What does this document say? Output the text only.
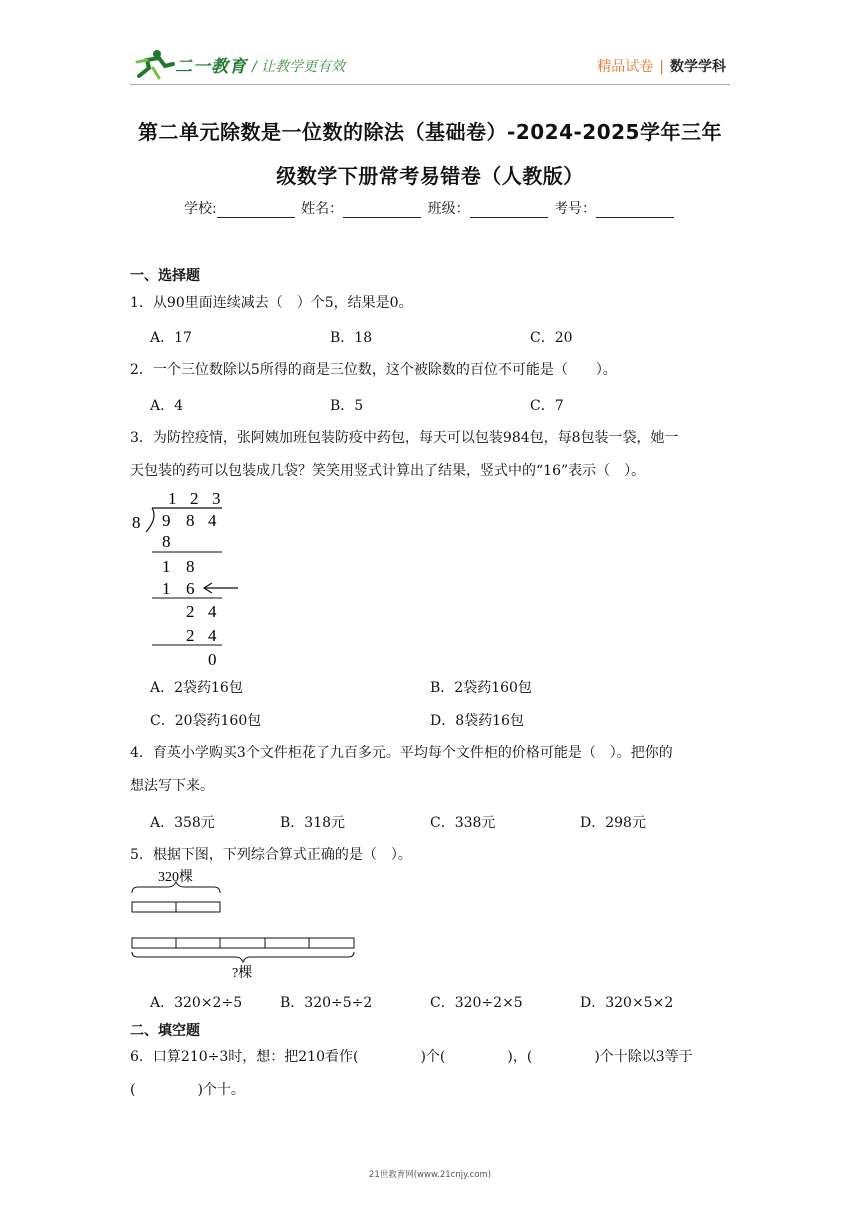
二一教育 / 让教学更有效	精品试卷 | 数学学科
第二单元除数是一位数的除法（基础卷）-2024-2025学年三年
级数学下册常考易错卷（人教版）
学校:	姓名：	班级：	考号：
一、选择题
1．从90里面连续减去（　）个5，结果是0。
A．17	B．18	C．20
2．一个三位数除以5所得的商是三位数，这个被除数的百位不可能是（　　）。
A．4	B．5	C．7
3．为防控疫情，张阿姨加班包装防疫中药包，每天可以包装984包，每8包装一袋，她一
天包装的药可以包装成几袋？笑笑用竖式计算出了结果，竖式中的“16”表示（　）。
1 2 3
8 9 8 4
8
1 8
1 6
2 4
2 4
0
A．2袋药16包	B．2袋药160包
C．20袋药160包	D．8袋药16包
4．育英小学购买3个文件柜花了九百多元。平均每个文件柜的价格可能是（　）。把你的
想法写下来。
A．358元	B．318元	C．338元	D．298元
5．根据下图，下列综合算式正确的是（　）。
320棵
?棵
A．320×2÷5	B．320÷5÷2	C．320÷2×5	D．320×5×2
二、填空题
6．口算210÷3时，想：把210看作(	)个(	)，(	)个十除以3等于
(	)个十。
21世教育网(www.21cnjy.com)
